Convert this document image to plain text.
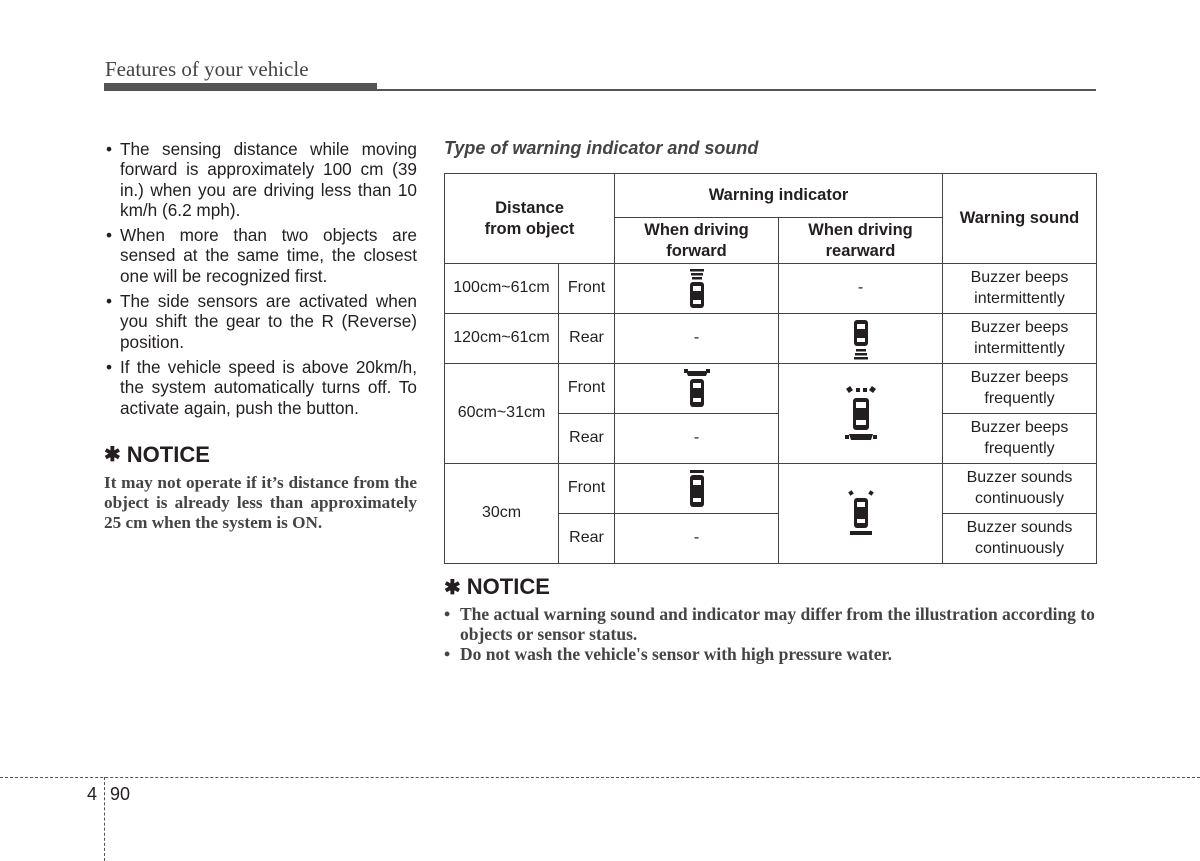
Features of your vehicle
• The sensing distance while moving forward is approximately 100 cm (39 in.) when you are driving less than 10 km/h (6.2 mph).
• When more than two objects are sensed at the same time, the closest one will be recognized first.
• The side sensors are activated when you shift the gear to the R (Reverse) position.
• If the vehicle speed is above 20km/h, the system automatically turns off. To activate again, push the button.
✱ NOTICE

It may not operate if it’s distance from the object is already less than approximately 25 cm when the system is ON.

Type of warning indicator and sound
Distance from object		Warning indicator		Warning sound
		When driving forward	When driving rearward	
100cm~61cm	Front		-	Buzzer beeps intermittently
120cm~61cm	Rear	-		Buzzer beeps intermittently
60cm~31cm	Front			Buzzer beeps frequently
	Rear	-		Buzzer beeps frequently
30cm	Front			Buzzer sounds continuously
	Rear	-		Buzzer sounds continuously
✱ NOTICE
• The actual warning sound and indicator may differ from the illustration according to objects or sensor status.
• Do not wash the vehicle's sensor with high pressure water.
4 90
